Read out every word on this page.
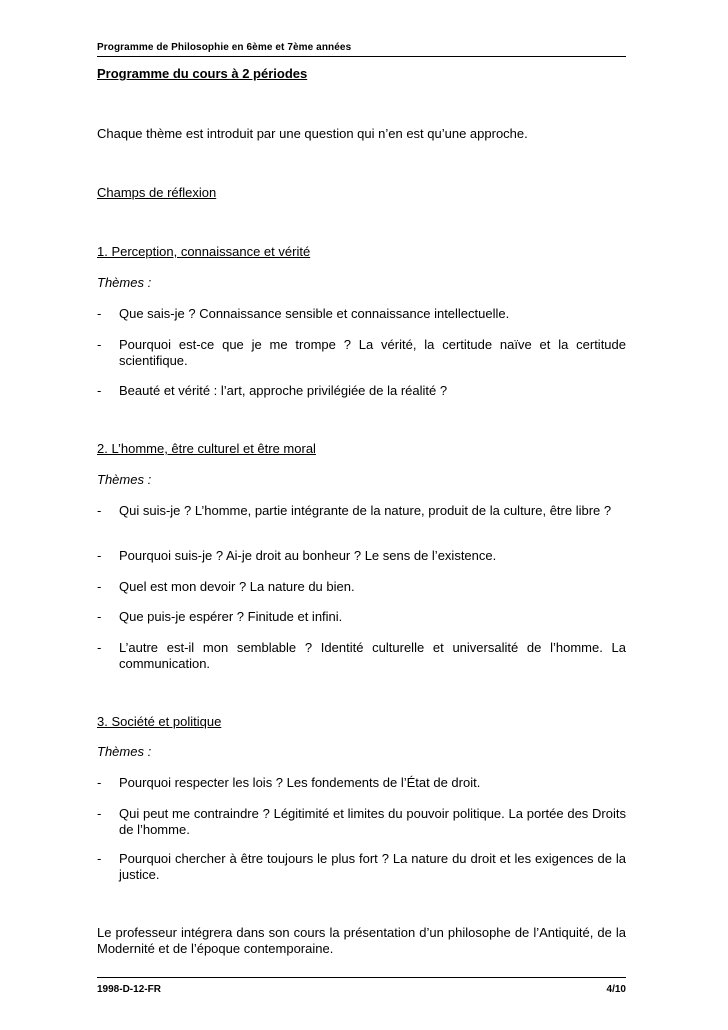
Programme de Philosophie en 6ème et 7ème années
Programme du cours à 2 périodes
Chaque thème est introduit par une question qui n’en est qu’une approche.
Champs de réflexion
1. Perception, connaissance et vérité
Thèmes :
- Que sais-je ? Connaissance sensible et connaissance intellectuelle.
- Pourquoi est-ce que je me trompe ? La vérité, la certitude naïve et la certitude scientifique.
- Beauté et vérité : l’art, approche privilégiée de la réalité ?
2. L’homme, être culturel et être moral
Thèmes :
- Qui suis-je ? L’homme, partie intégrante de la nature, produit de la culture, être libre ?
- Pourquoi suis-je ? Ai-je droit au bonheur ? Le sens de l’existence.
- Quel est mon devoir ? La nature du bien.
- Que puis-je espérer ? Finitude et infini.
- L’autre est-il mon semblable ? Identité culturelle et universalité de l’homme. La communication.
3. Société et politique
Thèmes :
- Pourquoi respecter les lois ? Les fondements de l’État de droit.
- Qui peut me contraindre ? Légitimité et limites du pouvoir politique. La portée des Droits de l’homme.
- Pourquoi chercher à être toujours le plus fort ? La nature du droit et les exigences de la justice.
Le professeur intégrera dans son cours la présentation d’un philosophe de l’Antiquité, de la Modernité et de l’époque contemporaine.
1998-D-12-FR	4/10
